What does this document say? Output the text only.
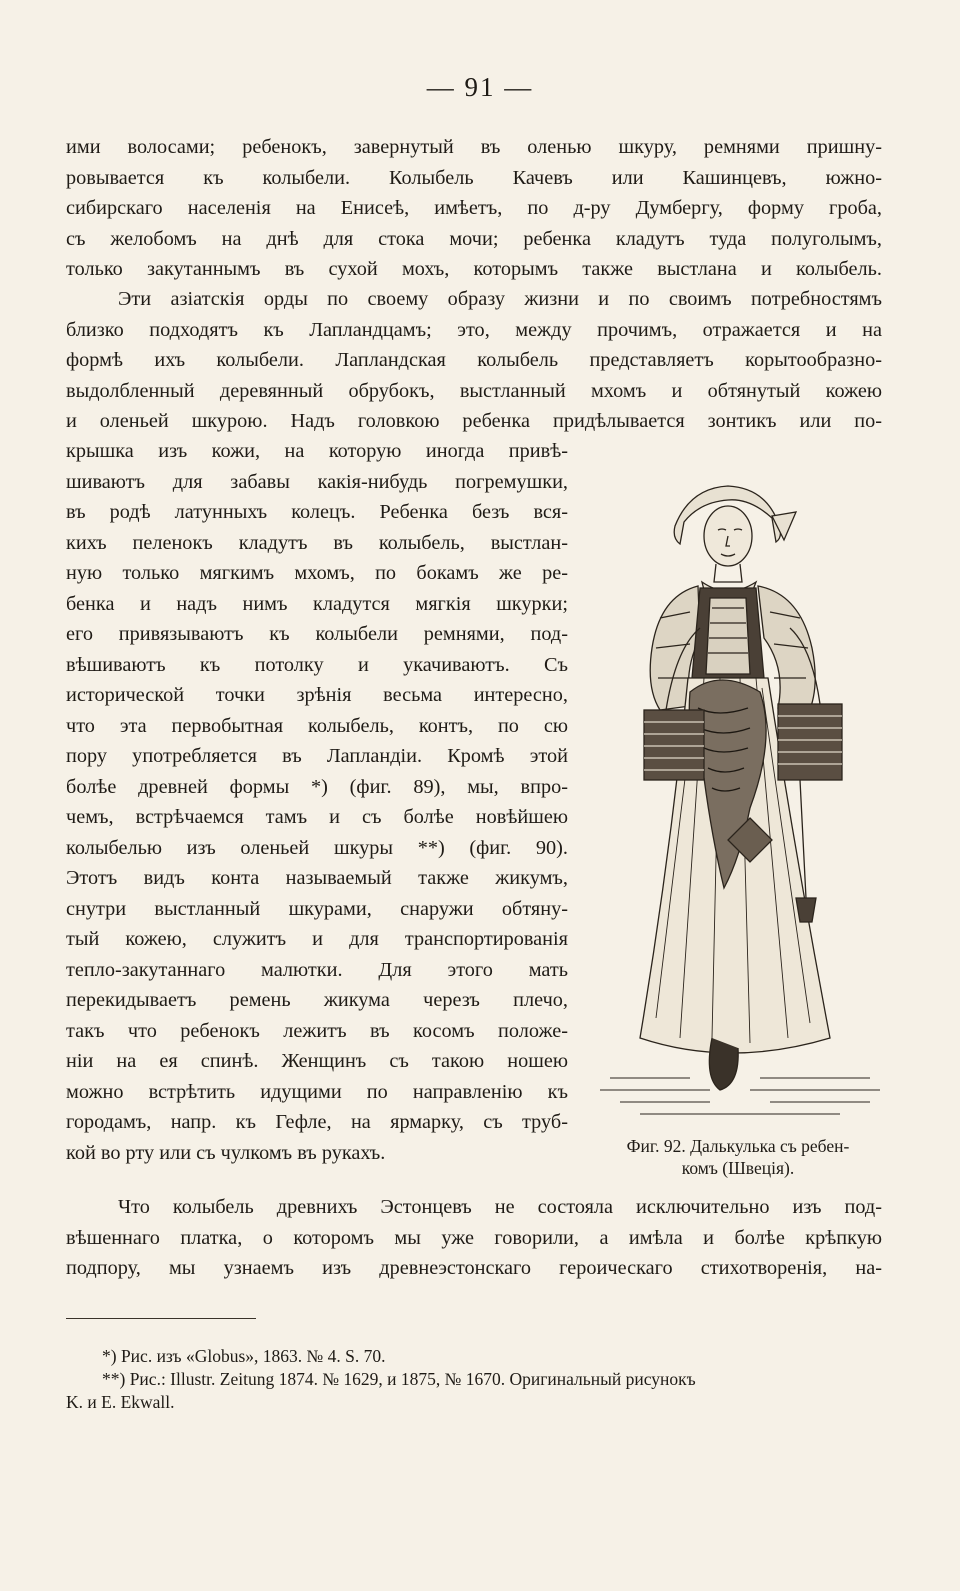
— 91 —
ими волосами; ребенокъ, завернутый въ оленью шкуру, ремнями пришну-
ровывается къ колыбели. Колыбель Качевъ или Кашинцевъ, южно-
сибирскаго населенія на Енисеѣ, имѣетъ, по д-ру Думбергу, форму гроба,
съ желобомъ на днѣ для стока мочи; ребенка кладутъ туда полуголымъ,
только закутаннымъ въ сухой мохъ, которымъ также выстлана и колыбель.
Эти азіатскія орды по своему образу жизни и по своимъ потребностямъ
близко подходятъ къ Лапландцамъ; это, между прочимъ, отражается и на
формѣ ихъ колыбели. Лапландская колыбель представляетъ корытообразно-
выдолбленный деревянный обрубокъ, выстланный мхомъ и обтянутый кожею
и оленьей шкурою. Надъ головкою ребенка придѣлывается зонтикъ или по-
крышка изъ кожи, на которую иногда привѣ-
шиваютъ для забавы какія-нибудь погремушки,
въ родѣ латунныхъ колецъ. Ребенка безъ вся-
кихъ пеленокъ кладутъ въ колыбель, выстлан-
ную только мягкимъ мхомъ, по бокамъ же ре-
бенка и надъ нимъ кладутся мягкія шкурки;
его привязываютъ къ колыбели ремнями, под-
вѣшиваютъ къ потолку и укачиваютъ. Съ
исторической точки зрѣнія весьма интересно,
что эта первобытная колыбель, контъ, по сю
пору употребляется въ Лапландіи. Кромѣ этой
болѣе древней формы *) (фиг. 89), мы, впро-
чемъ, встрѣчаемся тамъ и съ болѣе новѣйшею
колыбелью изъ оленьей шкуры **) (фиг. 90).
Этотъ видъ конта называемый также жикумъ,
снутри выстланный шкурами, снаружи обтяну-
тый кожею, служитъ и для транспортированія
тепло-закутаннаго малютки. Для этого мать
перекидываетъ ремень жикума черезъ плечо,
такъ что ребенокъ лежитъ въ косомъ положе-
ніи на ея спинѣ. Женщинъ съ такою ношею
можно встрѣтить идущими по направленію къ
городамъ, напр. къ Гефле, на ярмарку, съ труб-
кой во рту или съ чулкомъ въ рукахъ.	Фиг. 92. Далькулька съ ребен-
комъ (Швеція).
Что колыбель древнихъ Эстонцевъ не состояла исключительно изъ под-
вѣшеннаго платка, о которомъ мы уже говорили, а имѣла и болѣе крѣпкую
подпору, мы узнаемъ изъ древнеэстонскаго героическаго стихотворенія, на-
*) Рис. изъ «Globus», 1863. № 4. S. 70.
**) Рис.: Illustr. Zeitung 1874. № 1629, и 1875, № 1670. Оригинальный рисунокъ
K. и E. Ekwall.
